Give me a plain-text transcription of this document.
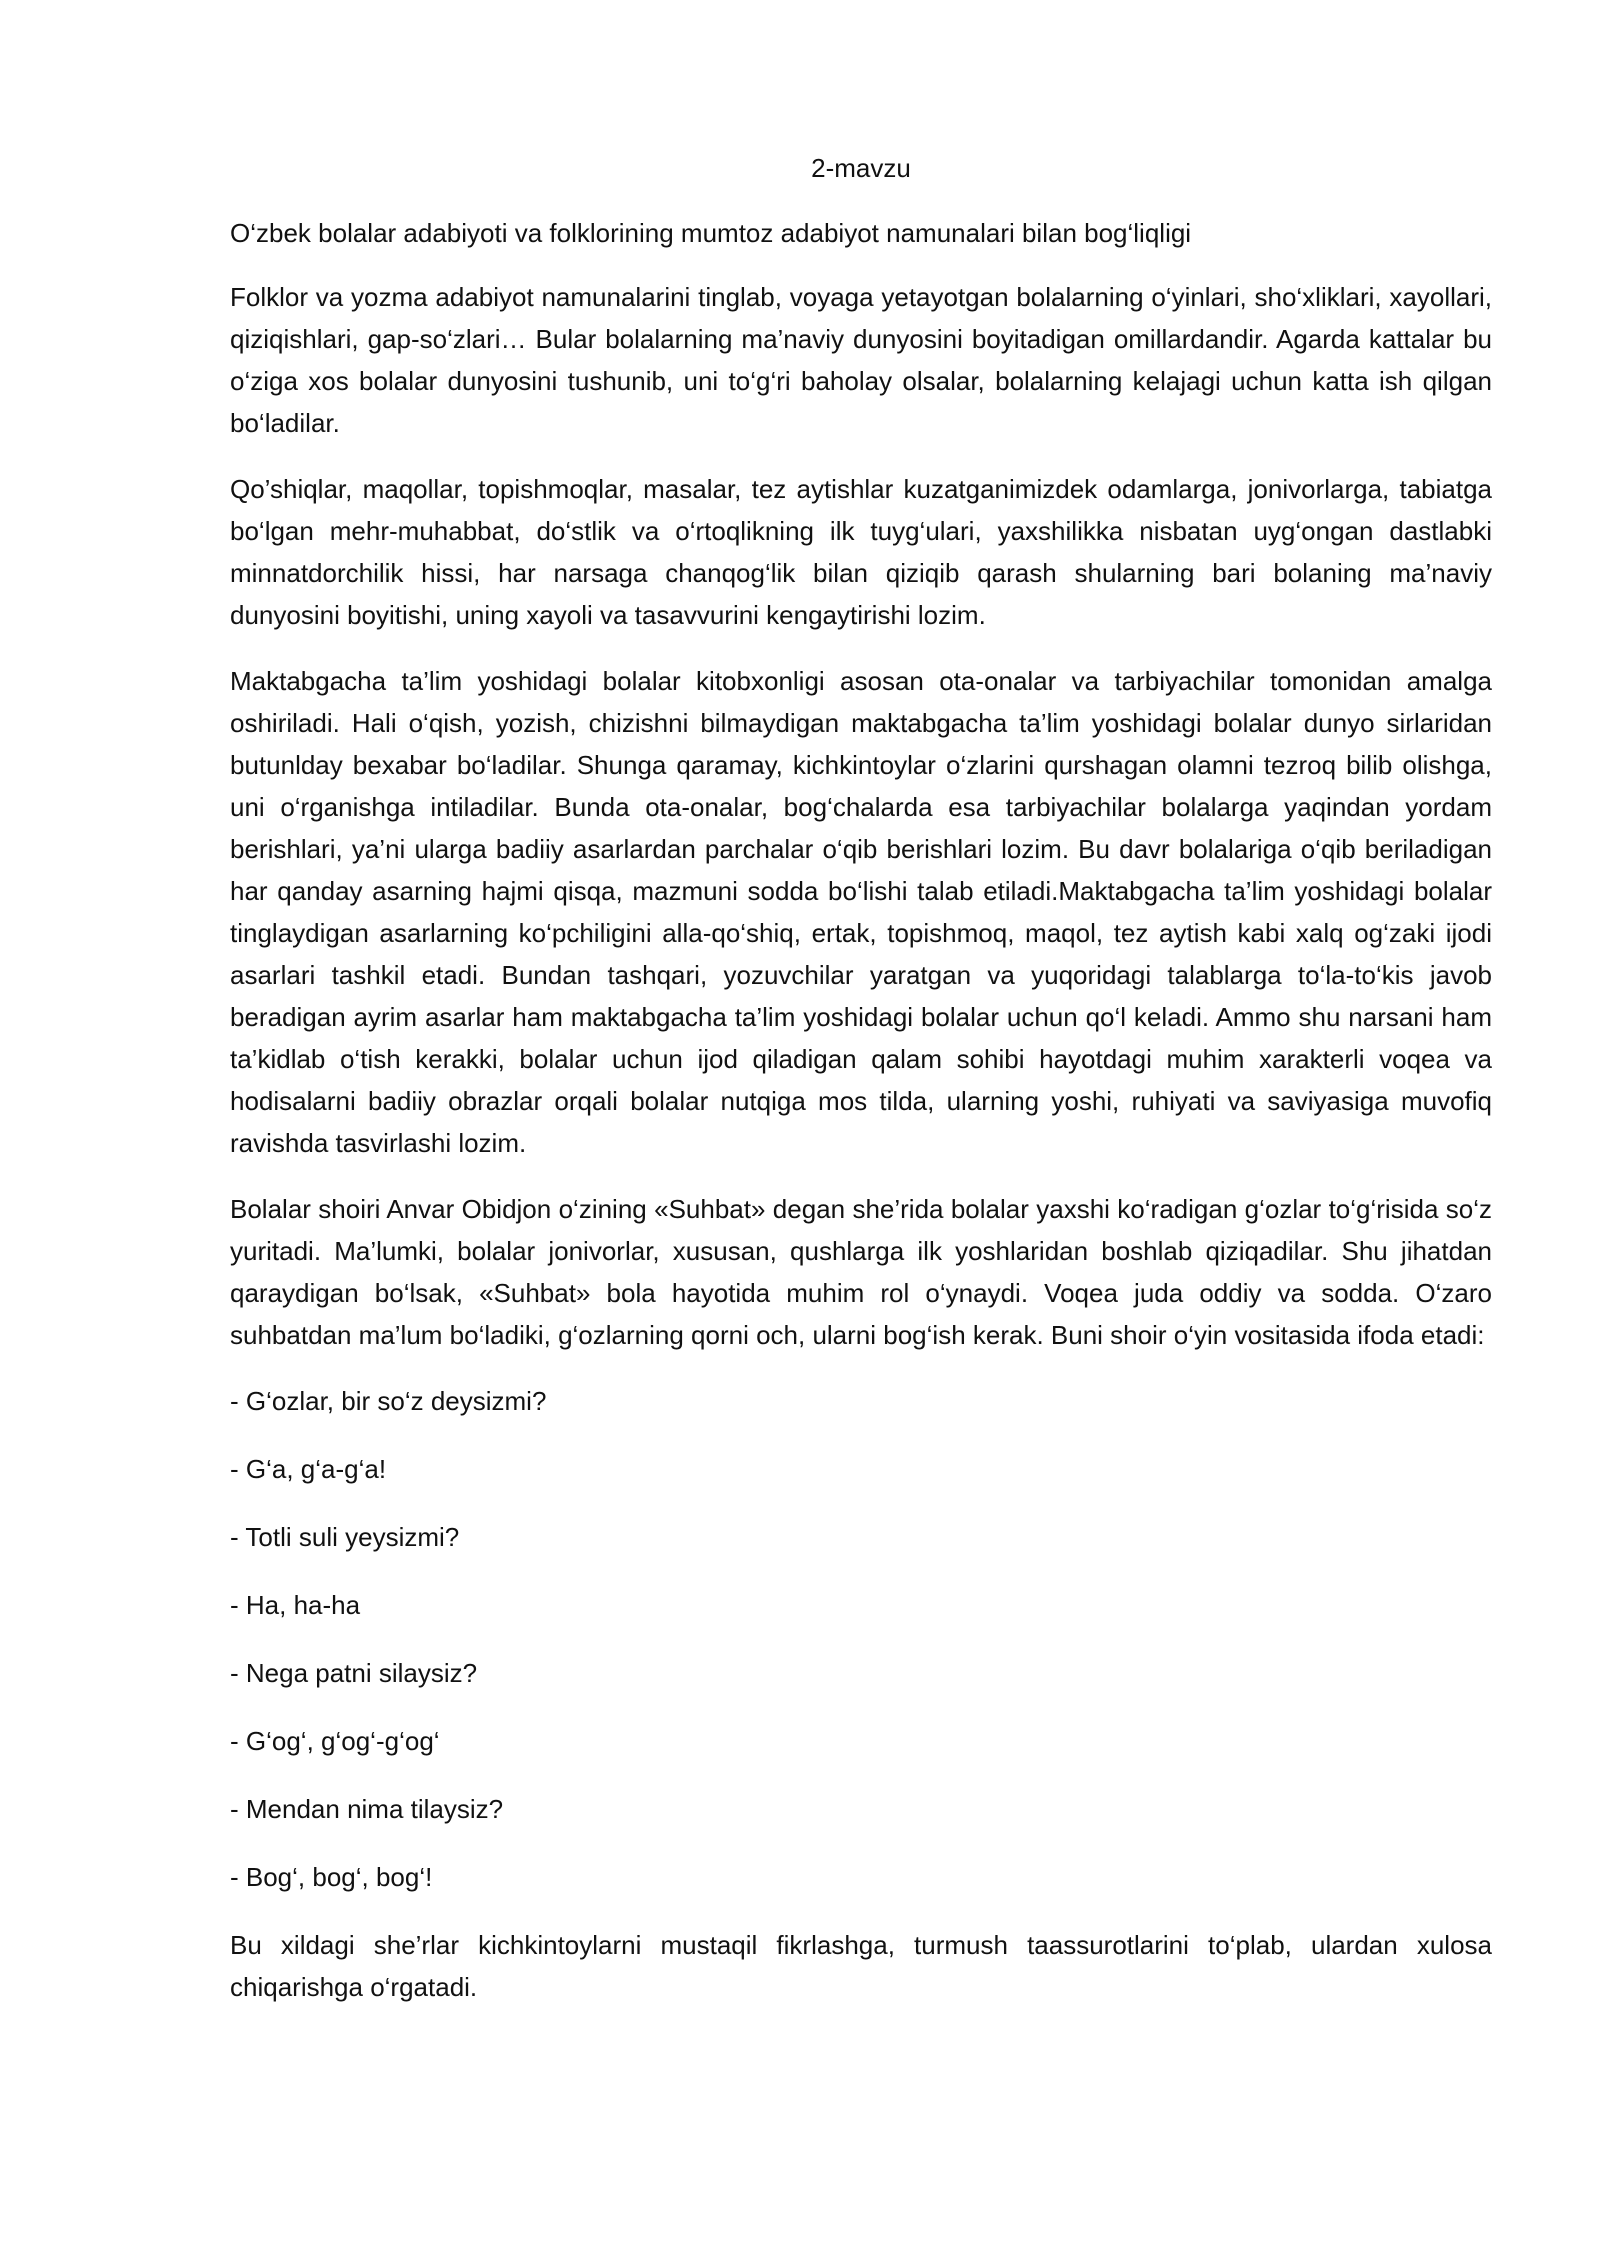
2-mavzu
O‘zbek bolalar adabiyoti va folklorining mumtoz adabiyot namunalari bilan bog‘liqligi
Folklor va yozma adabiyot namunalarini tinglab, voyaga yetayotgan bolalarning o‘yinlari, sho‘xliklari, xayollari, qiziqishlari, gap-so‘zlari… Bular bolalarning ma’naviy dunyosini boyitadigan omillardandir. Agarda kattalar bu o‘ziga xos bolalar dunyosini tushunib, uni to‘g‘ri baholay olsalar, bolalarning kelajagi uchun katta ish qilgan bo‘ladilar.
Qo’shiqlar, maqollar, topishmoqlar, masalar, tez aytishlar kuzatganimizdek odamlarga, jonivorlarga, tabiatga bo‘lgan mehr-muhabbat, do‘stlik va o‘rtoqlikning ilk tuyg‘ulari, yaxshilikka nisbatan uyg‘ongan dastlabki minnatdorchilik hissi, har narsaga chanqog‘lik bilan qiziqib qarash shularning bari bolaning ma’naviy dunyosini boyitishi, uning xayoli va tasavvurini kengaytirishi lozim.
Maktabgacha ta’lim yoshidagi bolalar kitobxonligi asosan ota-onalar va tarbiyachilar tomonidan amalga oshiriladi. Hali o‘qish, yozish, chizishni bilmaydigan maktabgacha ta’lim yoshidagi bolalar dunyo sirlaridan butunlday bexabar bo‘ladilar. Shunga qaramay, kichkintoylar o‘zlarini qurshagan olamni tezroq bilib olishga, uni o‘rganishga intiladilar. Bunda ota-onalar, bog‘chalarda esa tarbiyachilar bolalarga yaqindan yordam berishlari, ya’ni ularga badiiy asarlardan parchalar o‘qib berishlari lozim. Bu davr bolalariga o‘qib beriladigan har qanday asarning hajmi qisqa, mazmuni sodda bo‘lishi talab etiladi.Maktabgacha ta’lim yoshidagi bolalar tinglaydigan asarlarning ko‘pchiligini alla-qo‘shiq, ertak, topishmoq, maqol, tez aytish kabi xalq og‘zaki ijodi asarlari tashkil etadi. Bundan tashqari, yozuvchilar yaratgan va yuqoridagi talablarga to‘la-to‘kis javob beradigan ayrim asarlar ham maktabgacha ta’lim yoshidagi bolalar uchun qo‘l keladi. Ammo shu narsani ham ta’kidlab o‘tish kerakki, bolalar uchun ijod qiladigan qalam sohibi hayotdagi muhim xarakterli voqea va hodisalarni badiiy obrazlar orqali bolalar nutqiga mos tilda, ularning yoshi, ruhiyati va saviyasiga muvofiq ravishda tasvirlashi lozim.
Bolalar shoiri Anvar Obidjon o‘zining «Suhbat» degan she’rida bolalar yaxshi ko‘radigan g‘ozlar to‘g‘risida so‘z yuritadi. Ma’lumki, bolalar jonivorlar, xususan, qushlarga ilk yoshlaridan boshlab qiziqadilar. Shu jihatdan qaraydigan bo‘lsak, «Suhbat» bola hayotida muhim rol o‘ynaydi. Voqea juda oddiy va sodda. O‘zaro suhbatdan ma’lum bo‘ladiki, g‘ozlarning qorni och, ularni bog‘ish kerak. Buni shoir o‘yin vositasida ifoda etadi:
- G‘ozlar, bir so‘z deysizmi?
- G‘a, g‘a-g‘a!
- Totli suli yeysizmi?
- Ha, ha-ha
- Nega patni silaysiz?
- G‘og‘, g‘og‘-g‘og‘
- Mendan nima tilaysiz?
- Bog‘, bog‘, bog‘!
Bu xildagi she’rlar kichkintoylarni mustaqil fikrlashga, turmush taassurotlarini to‘plab, ulardan xulosa chiqarishga o‘rgatadi.
